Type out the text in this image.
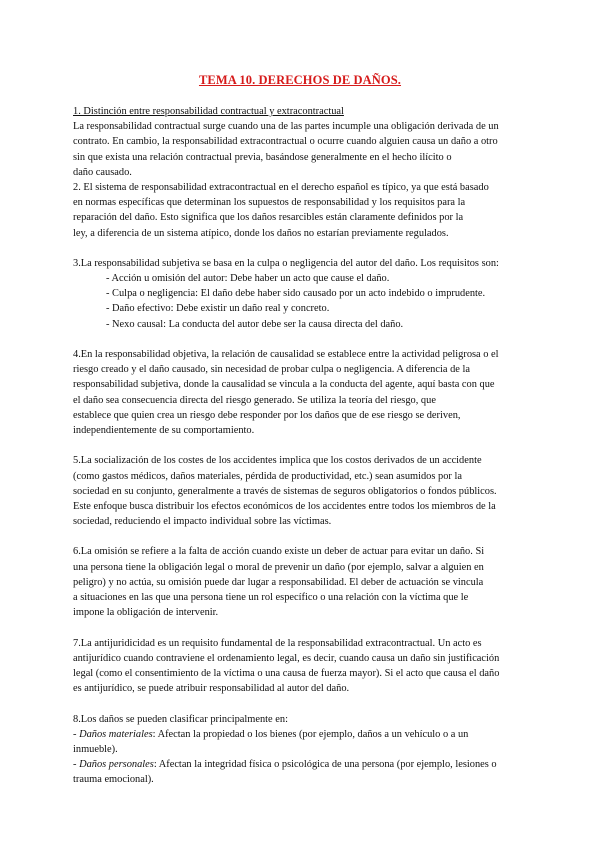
TEMA 10. DERECHOS DE DAÑOS.
1. Distinción entre responsabilidad contractual y extracontractual
La responsabilidad contractual surge cuando una de las partes incumple una obligación derivada de un
contrato. En cambio, la responsabilidad extracontractual o ocurre cuando alguien causa un daño a otro
sin que exista una relación contractual previa, basándose generalmente en el hecho ilícito o
daño causado.
2. El sistema de responsabilidad extracontractual en el derecho español es típico, ya que está basado
en normas específicas que determinan los supuestos de responsabilidad y los requisitos para la
reparación del daño. Esto significa que los daños resarcibles están claramente definidos por la
ley, a diferencia de un sistema atípico, donde los daños no estarían previamente regulados.
3.La responsabilidad subjetiva se basa en la culpa o negligencia del autor del daño. Los requisitos son:
- Acción u omisión del autor: Debe haber un acto que cause el daño.
- Culpa o negligencia: El daño debe haber sido causado por un acto indebido o imprudente.
- Daño efectivo: Debe existir un daño real y concreto.
- Nexo causal: La conducta del autor debe ser la causa directa del daño.
4.En la responsabilidad objetiva, la relación de causalidad se establece entre la actividad peligrosa o el
riesgo creado y el daño causado, sin necesidad de probar culpa o negligencia. A diferencia de la
responsabilidad subjetiva, donde la causalidad se vincula a la conducta del agente, aquí basta con que
el daño sea consecuencia directa del riesgo generado. Se utiliza la teoría del riesgo, que
establece que quien crea un riesgo debe responder por los daños que de ese riesgo se deriven,
independientemente de su comportamiento.
5.La socialización de los costes de los accidentes implica que los costos derivados de un accidente
(como gastos médicos, daños materiales, pérdida de productividad, etc.) sean asumidos por la
sociedad en su conjunto, generalmente a través de sistemas de seguros obligatorios o fondos públicos.
Este enfoque busca distribuir los efectos económicos de los accidentes entre todos los miembros de la
sociedad, reduciendo el impacto individual sobre las víctimas.
6.La omisión se refiere a la falta de acción cuando existe un deber de actuar para evitar un daño. Si
una persona tiene la obligación legal o moral de prevenir un daño (por ejemplo, salvar a alguien en
peligro) y no actúa, su omisión puede dar lugar a responsabilidad. El deber de actuación se vincula
a situaciones en las que una persona tiene un rol específico o una relación con la víctima que le
impone la obligación de intervenir.
7.La antijuridicidad es un requisito fundamental de la responsabilidad extracontractual. Un acto es
antijurídico cuando contraviene el ordenamiento legal, es decir, cuando causa un daño sin justificación
legal (como el consentimiento de la víctima o una causa de fuerza mayor). Si el acto que causa el daño
es antijurídico, se puede atribuir responsabilidad al autor del daño.
8.Los daños se pueden clasificar principalmente en:
- Daños materiales: Afectan la propiedad o los bienes (por ejemplo, daños a un vehículo o a un
inmueble).
- Daños personales: Afectan la integridad física o psicológica de una persona (por ejemplo, lesiones o
trauma emocional).
